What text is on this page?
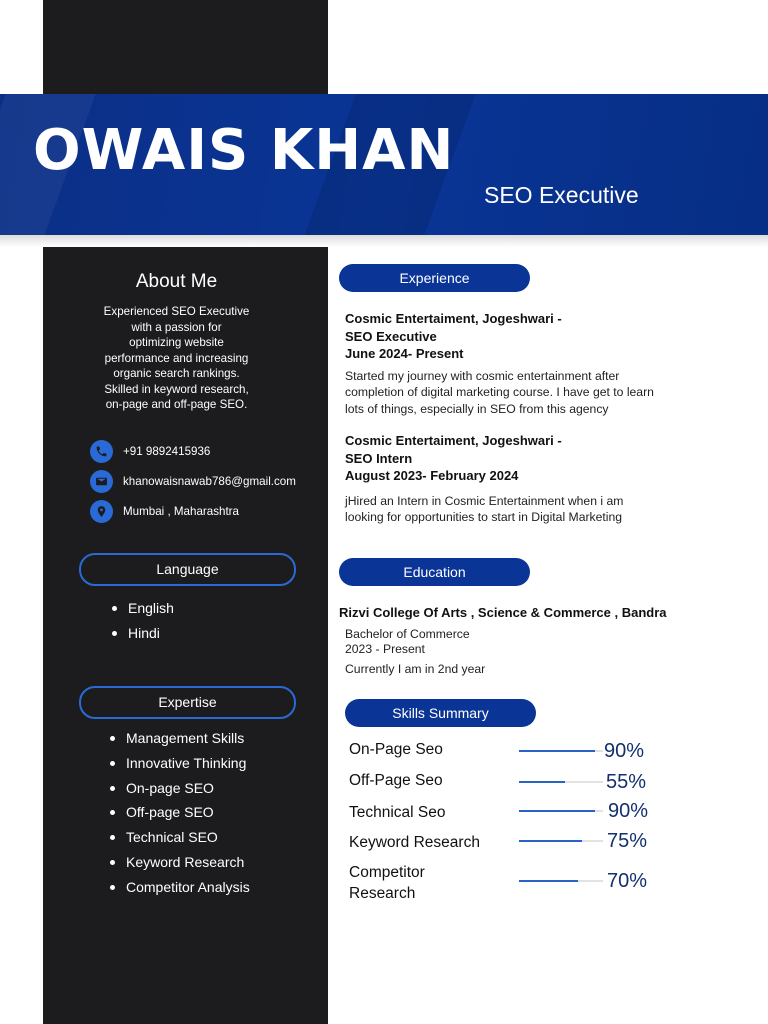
OWAIS KHAN
SEO Executive
About Me
Experienced SEO Executive
with a passion for
optimizing website
performance and increasing
organic search rankings.
Skilled in keyword research,
on-page and off-page SEO.
+91 9892415936
khanowaisnawab786@gmail.com
Mumbai , Maharashtra
Language
English
Hindi
Expertise
Management Skills
Innovative Thinking
On-page SEO
Off-page SEO
Technical SEO
Keyword Research
Competitor Analysis
Experience
Cosmic Entertaiment, Jogeshwari -
SEO Executive
June 2024- Present
Started my journey with cosmic entertainment after
completion of digital marketing course. I have get to learn
lots of things, especially in SEO from this agency
Cosmic Entertaiment, Jogeshwari -
SEO Intern
August 2023- February 2024
jHired an Intern in Cosmic Entertainment when i am
looking for opportunities to start in Digital Marketing
Education
Rizvi College Of Arts , Science & Commerce , Bandra
Bachelor of Commerce
2023 - Present
Currently I am in 2nd year
Skills Summary
On-Page Seo	90%
Off-Page Seo	55%
Technical Seo	90%
Keyword Research	75%
Competitor
Research
70%
